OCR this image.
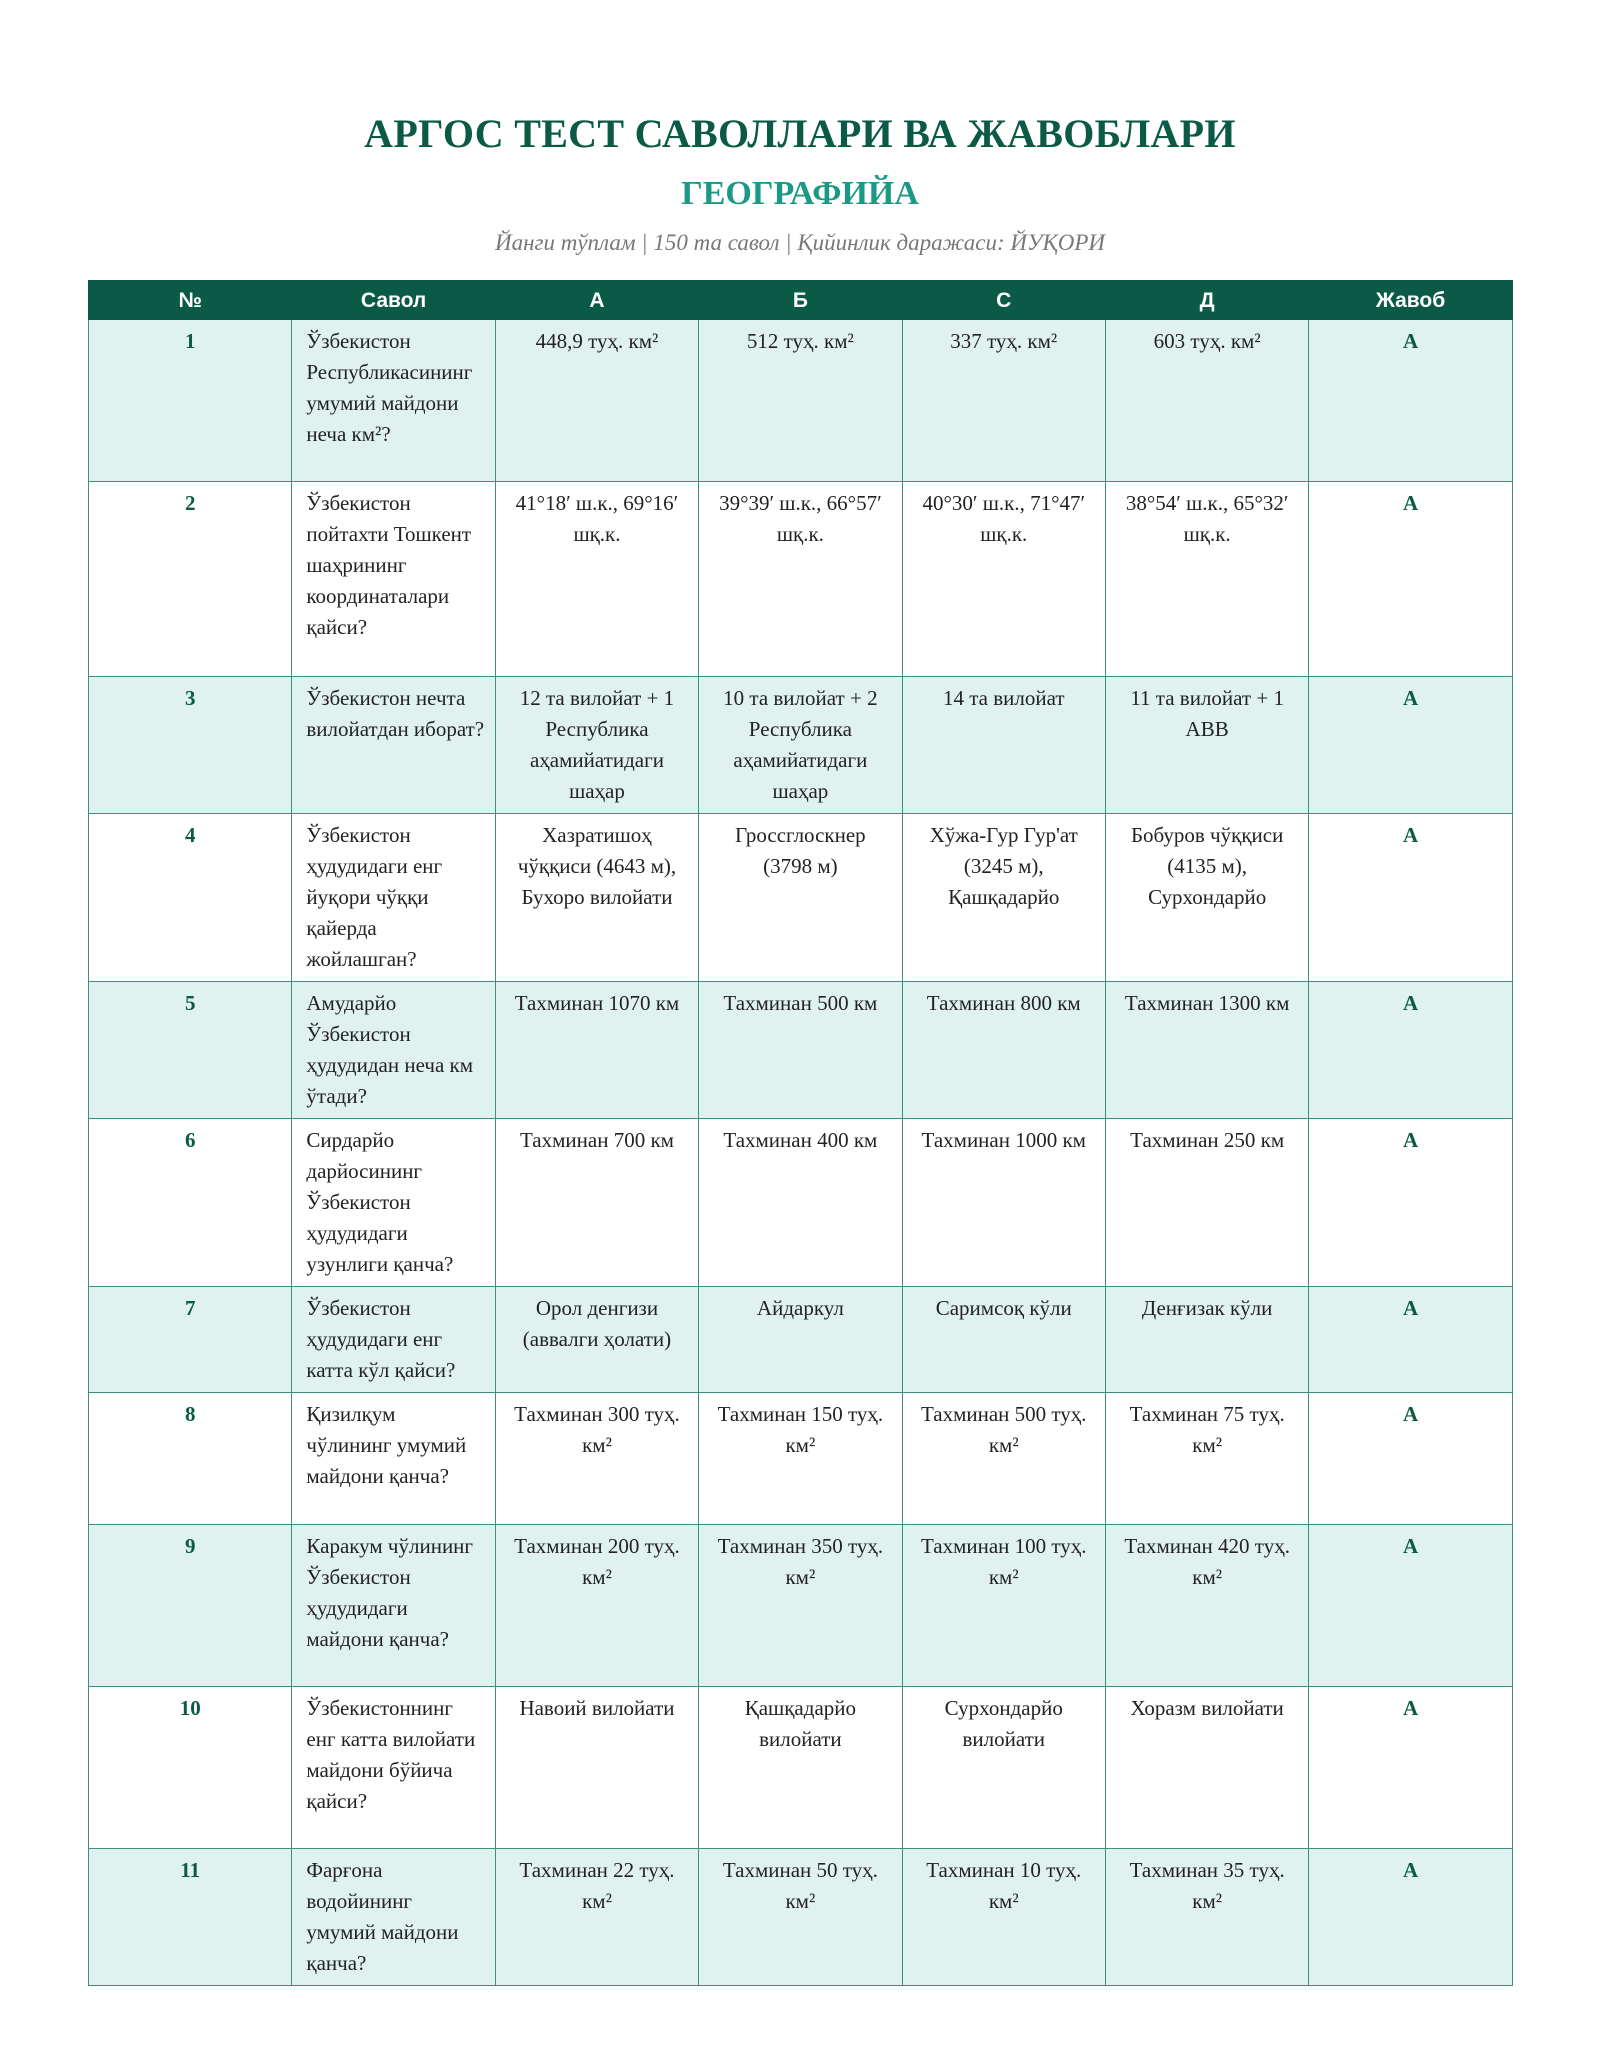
АРГОС ТЕСТ САВОЛЛАРИ ВА ЖАВОБЛАРИ
ГЕОГРАФИЙА
Йанги тўплам | 150 та савол | Қийинлик даражаси: ЙУҚОРИ
№	Савол	А	Б	С	Д	Жавоб
1	Ўзбекистон Республикасининг умумий майдони неча км²?	448,9 туҳ. км²	512 туҳ. км²	337 туҳ. км²	603 туҳ. км²	А
2	Ўзбекистон пойтахти Тошкент шаҳрининг координаталари қайси?	41°18′ ш.к., 69°16′ шқ.к.	39°39′ ш.к., 66°57′ шқ.к.	40°30′ ш.к., 71°47′ шқ.к.	38°54′ ш.к., 65°32′ шқ.к.	А
3	Ўзбекистон нечта вилойатдан иборат?	12 та вилойат + 1 Республика аҳамийатидаги шаҳар	10 та вилойат + 2 Республика аҳамийатидаги шаҳар	14 та вилойат	11 та вилойат + 1 АВВ	А
4	Ўзбекистон ҳудудидаги енг йуқори чўққи қайерда жойлашган?	Хазратишоҳ чўққиси (4643 м), Бухоро вилойати	Гроссглоскнер (3798 м)	Хўжа-Гур Гур'ат (3245 м), Қашқадарйо	Бобуров чўққиси (4135 м), Сурхондарйо	А
5	Амударйо Ўзбекистон ҳудудидан неча км ўтади?	Тахминан 1070 км	Тахминан 500 км	Тахминан 800 км	Тахминан 1300 км	А
6	Сирдарйо дарйосининг Ўзбекистон ҳудудидаги узунлиги қанча?	Тахминан 700 км	Тахминан 400 км	Тахминан 1000 км	Тахминан 250 км	А
7	Ўзбекистон ҳудудидаги енг катта кўл қайси?	Орол денгизи (аввалги ҳолати)	Айдаркул	Саримсоқ кўли	Денғизак кўли	А
8	Қизилқум чўлининг умумий майдони қанча?	Тахминан 300 туҳ. км²	Тахминан 150 туҳ. км²	Тахминан 500 туҳ. км²	Тахминан 75 туҳ. км²	А
9	Каракум чўлининг Ўзбекистон ҳудудидаги майдони қанча?	Тахминан 200 туҳ. км²	Тахминан 350 туҳ. км²	Тахминан 100 туҳ. км²	Тахминан 420 туҳ. км²	А
10	Ўзбекистоннинг енг катта вилойати майдони бўйича қайси?	Навоий вилойати	Қашқадарйо вилойати	Сурхондарйо вилойати	Хоразм вилойати	А
11	Фарғона водойининг умумий майдони қанча?	Тахминан 22 туҳ. км²	Тахминан 50 туҳ. км²	Тахминан 10 туҳ. км²	Тахминан 35 туҳ. км²	А
